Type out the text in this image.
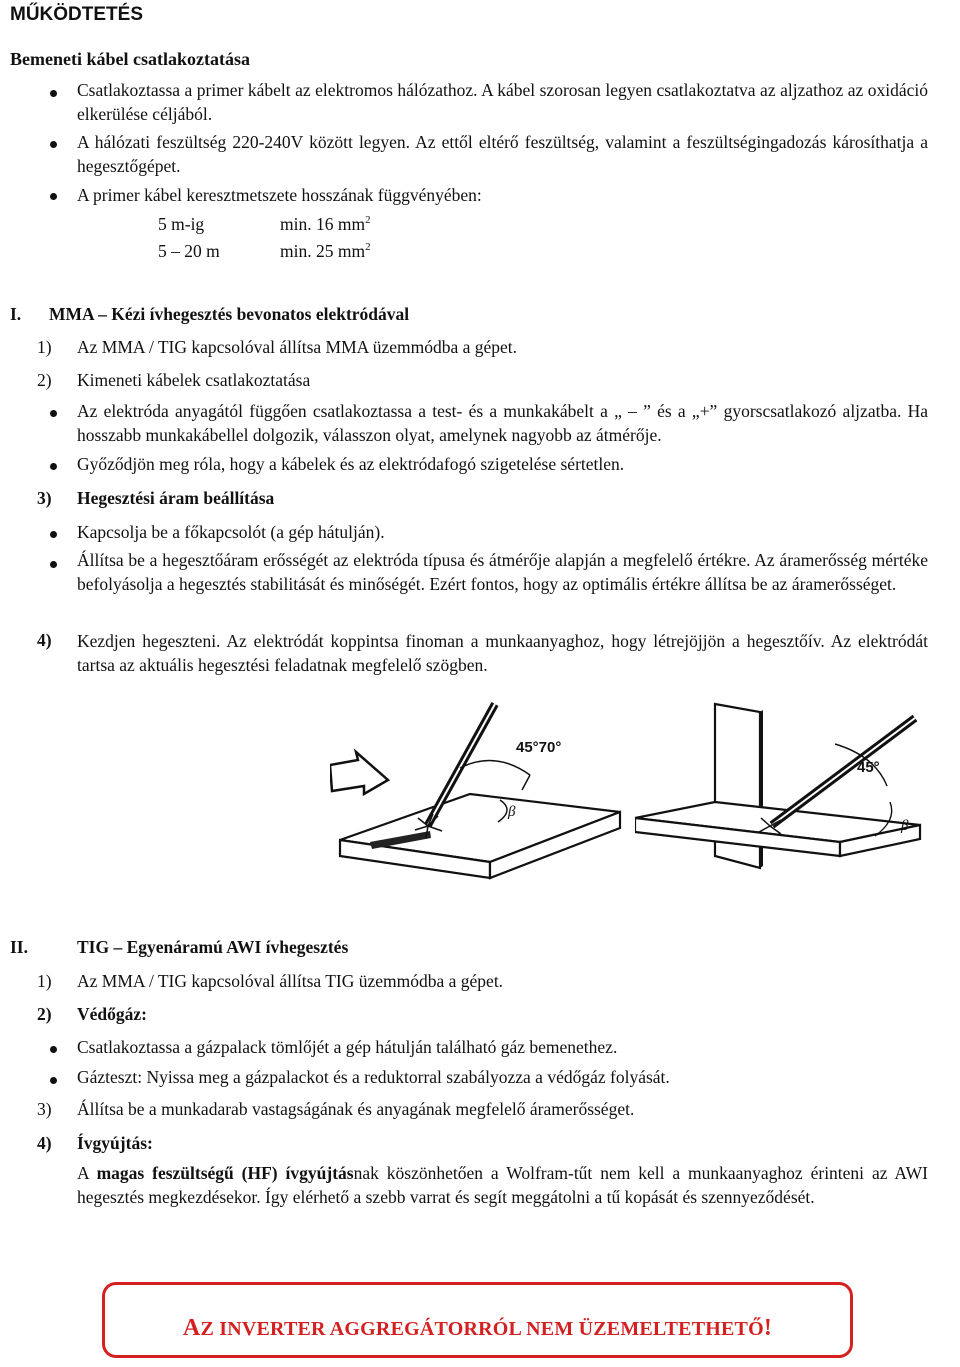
MŰKÖDTETÉS
Bemeneti kábel csatlakoztatása
Csatlakoztassa a primer kábelt az elektromos hálózathoz. A kábel szorosan legyen csatlakoztatva az aljzathoz az oxidáció elkerülése céljából.
A hálózati feszültség 220-240V között legyen. Az ettől eltérő feszültség, valamint a feszültségingadozás károsíthatja a hegesztőgépet.
A primer kábel keresztmetszete hosszának függvényében:
5 m-ig	min. 16 $mm^2$
5 – 20 m	min. 25 $mm^2$
I. MMA – Kézi ívhegesztés bevonatos elektródával
1) Az MMA / TIG kapcsolóval állítsa MMA üzemmódba a gépet.
2) Kimeneti kábelek csatlakoztatása
Az elektróda anyagától függően csatlakoztassa a test- és a munkakábelt a „ – ” és a „+” gyorscsatlakozó aljzatba. Ha hosszabb munkakábellel dolgozik, válasszon olyat, amelynek nagyobb az átmérője.
Győződjön meg róla, hogy a kábelek és az elektródafogó szigetelése sértetlen.
3) Hegesztési áram beállítása
Kapcsolja be a főkapcsolót (a gép hátulján).
Állítsa be a hegesztőáram erősségét az elektróda típusa és átmérője alapján a megfelelő értékre. Az áramerősség mértéke befolyásolja a hegesztés stabilitását és minőségét. Ezért fontos, hogy az optimális értékre állítsa be az áramerősséget.
4) Kezdjen hegeszteni. Az elektródát koppintsa finoman a munkaanyaghoz, hogy létrejöjjön a hegesztőív. Az elektródát tartsa az aktuális hegesztési feladatnak megfelelő szögben.
45°70°
β
45°
β
II.	TIG – Egyenáramú AWI ívhegesztés
1) Az MMA / TIG kapcsolóval állítsa TIG üzemmódba a gépet.
2) Védőgáz:
Csatlakoztassa a gázpalack tömlőjét a gép hátulján található gáz bemenethez.
Gázteszt: Nyissa meg a gázpalackot és a reduktorral szabályozza a védőgáz folyását.
3) Állítsa be a munkadarab vastagságának és anyagának megfelelő áramerősséget.
4) Ívgyújtás:
A magas feszültségű (HF) ívgyújtásnak köszönhetően a Wolfram-tűt nem kell a munkaanyaghoz érinteni az AWI hegesztés megkezdésekor. Így elérhető a szebb varrat és segít meggátolni a tű kopását és szennyeződését.
AZ INVERTER AGGREGÁTORRÓL NEM ÜZEMELTETHETŐ!
